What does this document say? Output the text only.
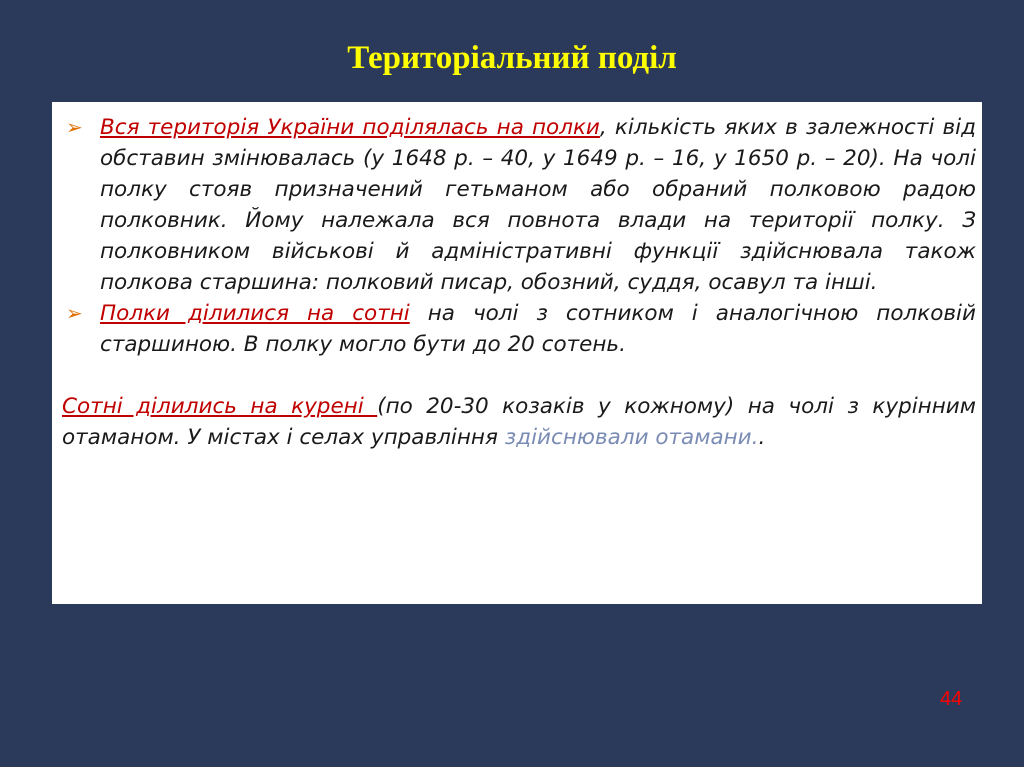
Територіальний поділ
➢ Вся територія України поділялась на полки, кількість яких в залежності від обставин змінювалась (у 1648 р. – 40, у 1649 р. – 16, у 1650 р. – 20). На чолі полку стояв призначений гетьманом або обраний полковою радою полковник. Йому належала вся повнота влади на території полку. З полковником військові й адміністративні функції здійснювала також полкова старшина: полковий писар, обозний, суддя, осавул та інші.
➢ Полки ділилися на сотні на чолі з сотником і аналогічною полковій старшиною. В полку могло бути до 20 сотень.
Сотні ділились на курені (по 20-30 козаків у кожному) на чолі з курінним отаманом. У містах і селах управління здійснювали отамани..
44
